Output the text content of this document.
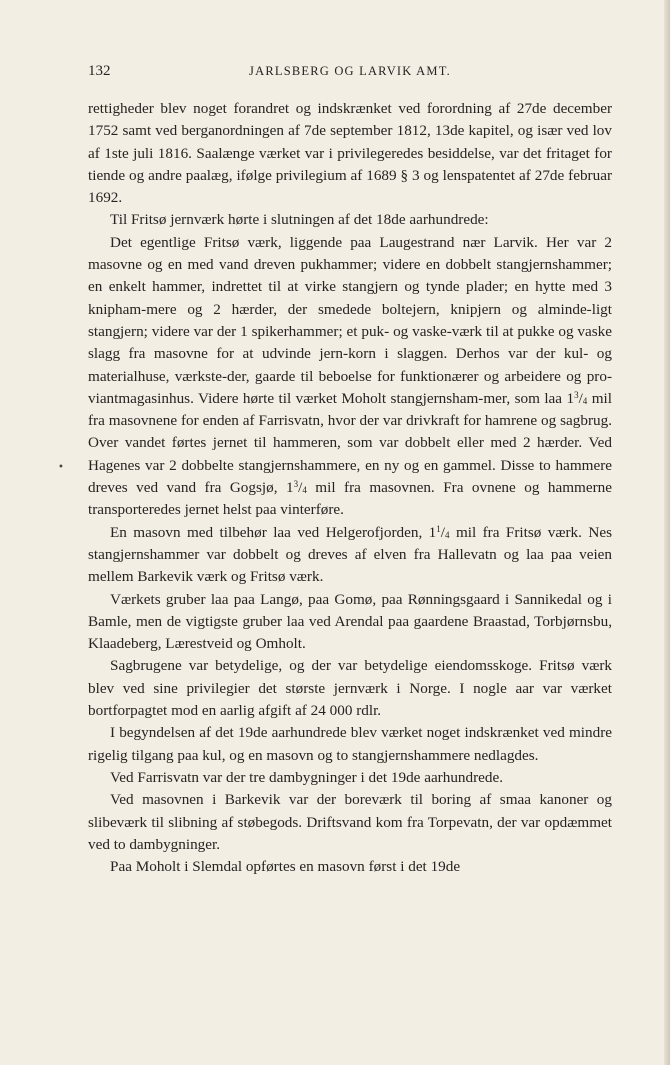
132	JARLSBERG OG LARVIK AMT.
•

rettigheder blev noget forandret og indskrænket ved forordning af 27de december 1752 samt ved berganordningen af 7de september 1812, 13de kapitel, og især ved lov af 1ste juli 1816. Saalænge værket var i privilegeredes besiddelse, var det fritaget for tiende og andre paalæg, ifølge privilegium af 1689 § 3 og lenspatentet af 27de februar 1692.

Til Fritsø jernværk hørte i slutningen af det 18de aarhundrede:

Det egentlige Fritsø værk, liggende paa Laugestrand nær Larvik. Her var 2 masovne og en med vand dreven pukhammer; videre en dobbelt stangjernshammer; en enkelt hammer, indrettet til at virke stangjern og tynde plader; en hytte med 3 knipham-mere og 2 hærder, der smedede boltejern, knipjern og alminde-ligt stangjern; videre var der 1 spikerhammer; et puk- og vaske-værk til at pukke og vaske slagg fra masovne for at udvinde jern-korn i slaggen. Derhos var der kul- og materialhuse, værkste-der, gaarde til beboelse for funktionærer og arbeidere og pro-viantmagasinhus. Videre hørte til værket Moholt stangjernsham-mer, som laa $1^3/_4$ mil fra masovnene for enden af Farrisvatn, hvor der var drivkraft for hamrene og sagbrug. Over vandet førtes jernet til hammeren, som var dobbelt eller med 2 hærder. Ved Hagenes var 2 dobbelte stangjernshammere, en ny og en gammel. Disse to hammere dreves ved vand fra Gogsjø, $1^3/_4$ mil fra masovnen. Fra ovnene og hammerne transporteredes jernet helst paa vinterføre.

En masovn med tilbehør laa ved Helgerofjorden, $1^1/_4$ mil fra Fritsø værk. Nes stangjernshammer var dobbelt og dreves af elven fra Hallevatn og laa paa veien mellem Barkevik værk og Fritsø værk.

Værkets gruber laa paa Langø, paa Gomø, paa Rønningsgaard i Sannikedal og i Bamle, men de vigtigste gruber laa ved Arendal paa gaardene Braastad, Torbjørnsbu, Klaadeberg, Lærestveid og Omholt.

Sagbrugene var betydelige, og der var betydelige eiendomsskoge. Fritsø værk blev ved sine privilegier det største jernværk i Norge. I nogle aar var værket bortforpagtet mod en aarlig afgift af 24 000 rdlr.

I begyndelsen af det 19de aarhundrede blev værket noget indskrænket ved mindre rigelig tilgang paa kul, og en masovn og to stangjernshammere nedlagdes.

Ved Farrisvatn var der tre dambygninger i det 19de aarhundrede.

Ved masovnen i Barkevik var der boreværk til boring af smaa kanoner og slibeværk til slibning af støbegods. Driftsvand kom fra Torpevatn, der var opdæmmet ved to dambygninger.

Paa Moholt i Slemdal opførtes en masovn først i det 19de
